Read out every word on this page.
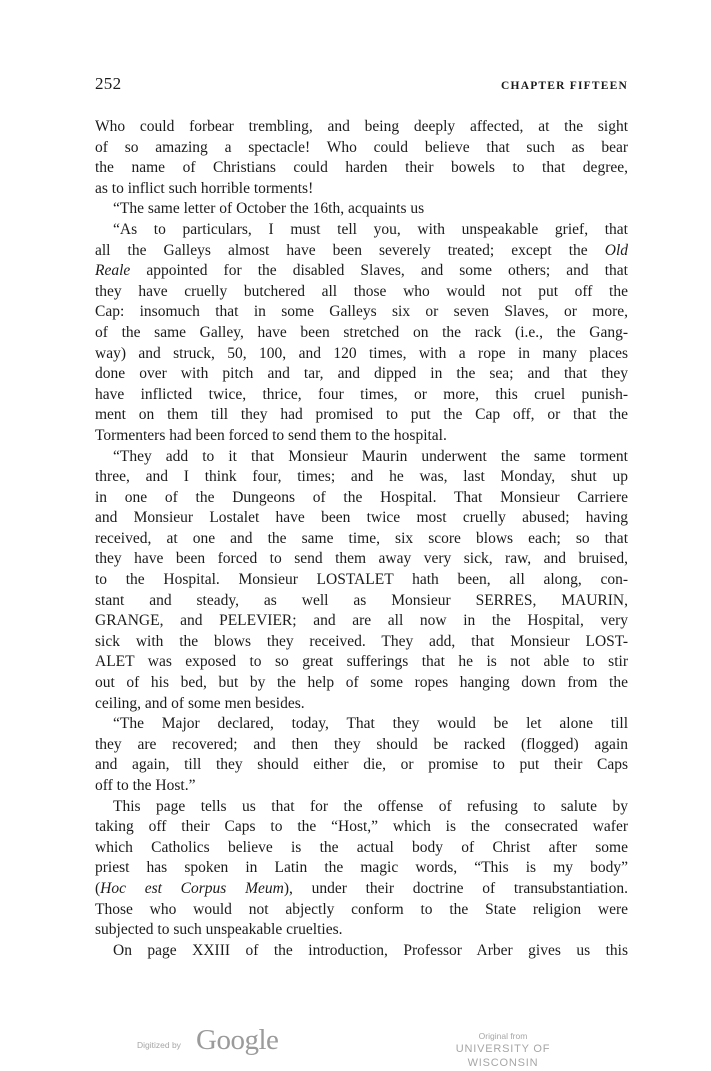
252	CHAPTER FIFTEEN
Who could forbear trembling, and being deeply affected, at the sight
of so amazing a spectacle! Who could believe that such as bear
the name of Christians could harden their bowels to that degree,
as to inflict such horrible torments!
“The same letter of October the 16th, acquaints us
“As to particulars, I must tell you, with unspeakable grief, that
all the Galleys almost have been severely treated; except the Old
Reale appointed for the disabled Slaves, and some others; and that
they have cruelly butchered all those who would not put off the
Cap: insomuch that in some Galleys six or seven Slaves, or more,
of the same Galley, have been stretched on the rack (i.e., the Gang-
way) and struck, 50, 100, and 120 times, with a rope in many places
done over with pitch and tar, and dipped in the sea; and that they
have inflicted twice, thrice, four times, or more, this cruel punish-
ment on them till they had promised to put the Cap off, or that the
Tormenters had been forced to send them to the hospital.
“They add to it that Monsieur Maurin underwent the same torment
three, and I think four, times; and he was, last Monday, shut up
in one of the Dungeons of the Hospital. That Monsieur Carriere
and Monsieur Lostalet have been twice most cruelly abused; having
received, at one and the same time, six score blows each; so that
they have been forced to send them away very sick, raw, and bruised,
to the Hospital. Monsieur LOSTALET hath been, all along, con-
stant and steady, as well as Monsieur SERRES, MAURIN,
GRANGE, and PELEVIER; and are all now in the Hospital, very
sick with the blows they received. They add, that Monsieur LOST-
ALET was exposed to so great sufferings that he is not able to stir
out of his bed, but by the help of some ropes hanging down from the
ceiling, and of some men besides.
“The Major declared, today, That they would be let alone till
they are recovered; and then they should be racked (flogged) again
and again, till they should either die, or promise to put their Caps
off to the Host.”
This page tells us that for the offense of refusing to salute by
taking off their Caps to the “Host,” which is the consecrated wafer
which Catholics believe is the actual body of Christ after some
priest has spoken in Latin the magic words, “This is my body”
(Hoc est Corpus Meum), under their doctrine of transubstantiation.
Those who would not abjectly conform to the State religion were
subjected to such unspeakable cruelties.
On page XXIII of the introduction, Professor Arber gives us this
Digitized by Google	Original from
UNIVERSITY OF WISCONSIN
